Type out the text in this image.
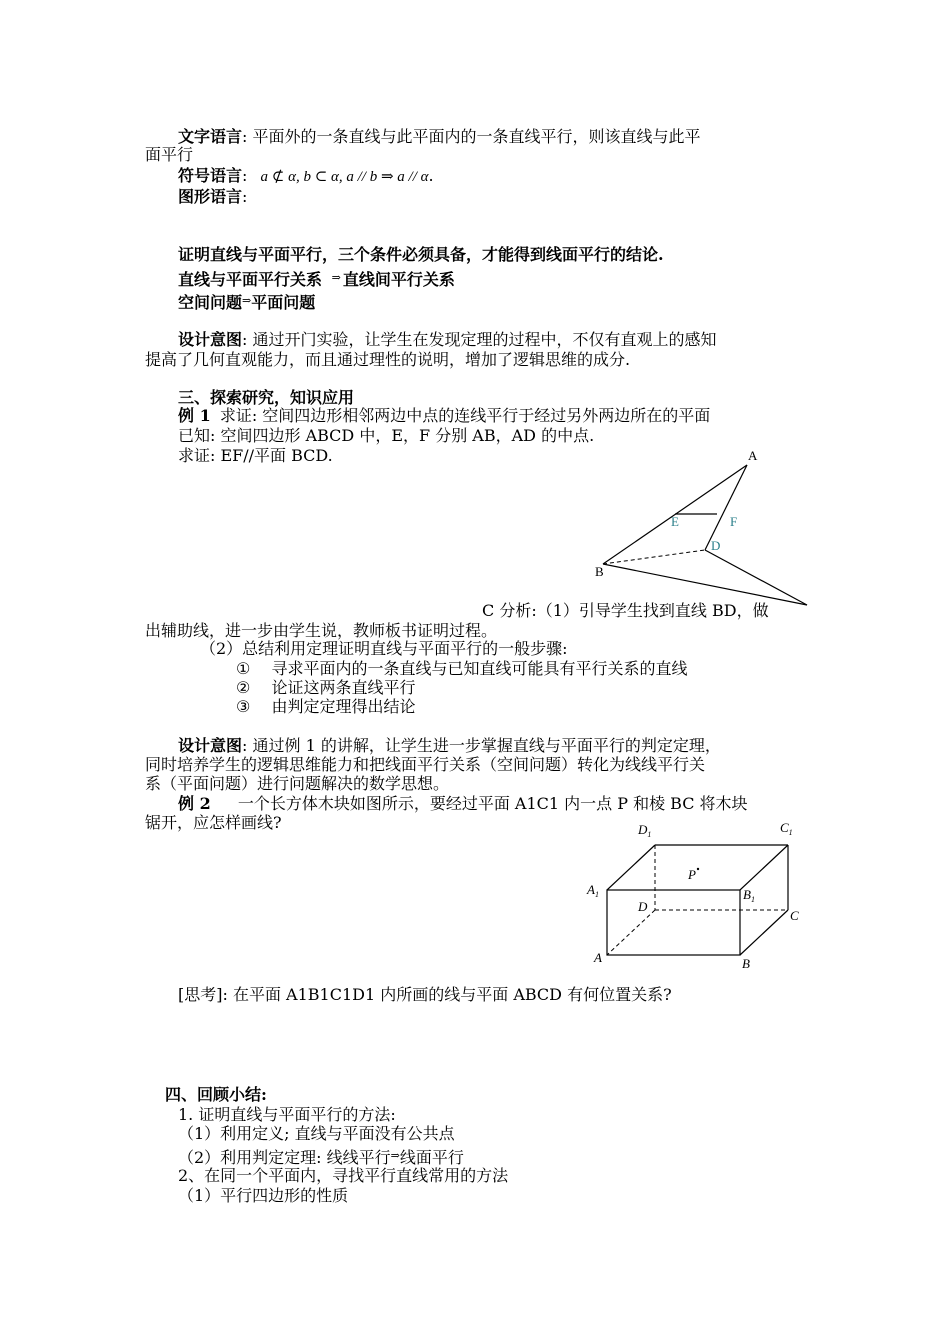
文字语言: 平面外的一条直线与此平面内的一条直线平行，则该直线与此平
面平行
符号语言: a ⊄ α, b ⊂ α, a // b ⇒ a // α.
图形语言:
证明直线与平面平行，三个条件必须具备，才能得到线面平行的结论.
直线与平面平行关系 ⇒ 直线间平行关系
空间问题⇒平面问题
设计意图: 通过开门实验，让学生在发现定理的过程中，不仅有直观上的感知
提高了几何直观能力，而且通过理性的说明，增加了逻辑思维的成分.
三、探索研究，知识应用
例 1 求证: 空间四边形相邻两边中点的连线平行于经过另外两边所在的平面
已知: 空间四边形 ABCD 中，E，F 分别 AB，AD 的中点.
求证: EF//平面 BCD.	A
E	F
D
B
C 分析:（1）引导学生找到直线 BD，做
出辅助线，进一步由学生说，教师板书证明过程。
（2）总结利用定理证明直线与平面平行的一般步骤:
① 寻求平面内的一条直线与已知直线可能具有平行关系的直线
② 论证这两条直线平行
③ 由判定定理得出结论
设计意图: 通过例 1 的讲解，让学生进一步掌握直线与平面平行的判定定理，
同时培养学生的逻辑思维能力和把线面平行关系（空间问题）转化为线线平行关
系（平面问题）进行问题解决的数学思想。
例 2 一个长方体木块如图所示，要经过平面 A1C1 内一点 P 和棱 BC 将木块
锯开，应怎样画线?	$D_1$	$C_1$
P
$A_1$	$B_1$
D
C
A	B
[思考]: 在平面 A1B1C1D1 内所画的线与平面 ABCD 有何位置关系?
四、回顾小结:
1. 证明直线与平面平行的方法:
（1）利用定义; 直线与平面没有公共点
（2）利用判定定理: 线线平行⇒线面平行
2、在同一个平面内，寻找平行直线常用的方法
（1）平行四边形的性质
